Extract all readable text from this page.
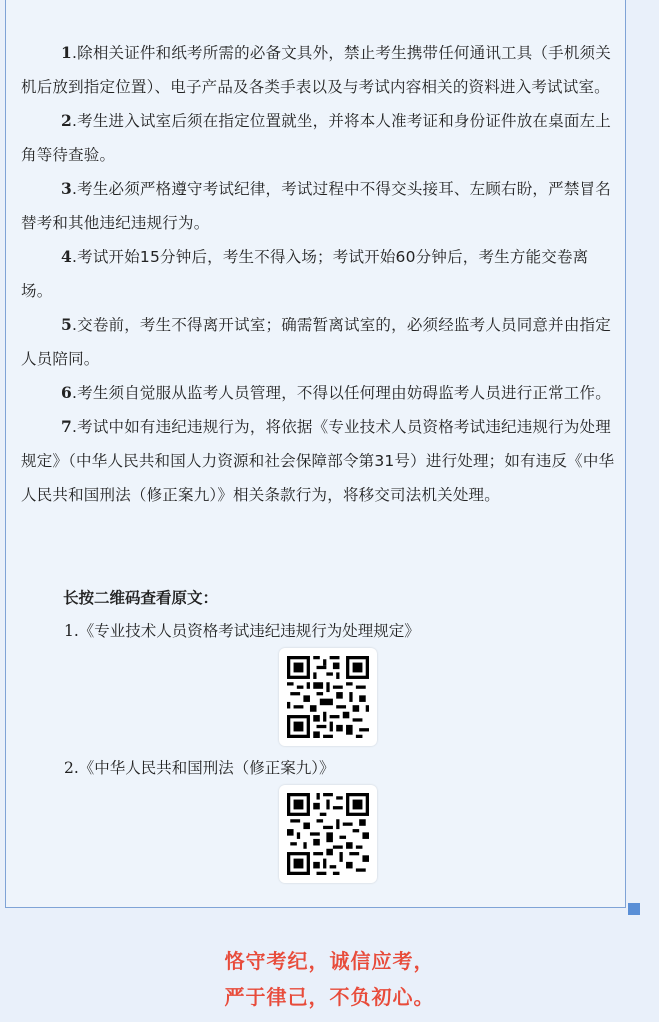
1.除相关证件和纸考所需的必备文具外，禁止考生携带任何通讯工具（手机须关机后放到指定位置）、电子产品及各类手表以及与考试内容相关的资料进入考试试室。
2.考生进入试室后须在指定位置就坐，并将本人准考证和身份证件放在桌面左上角等待查验。
3.考生必须严格遵守考试纪律，考试过程中不得交头接耳、左顾右盼，严禁冒名替考和其他违纪违规行为。
4.考试开始15分钟后，考生不得入场；考试开始60分钟后，考生方能交卷离场。
5.交卷前，考生不得离开试室；确需暂离试室的，必须经监考人员同意并由指定人员陪同。
6.考生须自觉服从监考人员管理，不得以任何理由妨碍监考人员进行正常工作。
7.考试中如有违纪违规行为，将依据《专业技术人员资格考试违纪违规行为处理规定》（中华人民共和国人力资源和社会保障部令第31号）进行处理；如有违反《中华人民共和国刑法（修正案九）》相关条款行为，将移交司法机关处理。
长按二维码查看原文：
1.《专业技术人员资格考试违纪违规行为处理规定》
2.《中华人民共和国刑法（修正案九）》
恪守考纪，诚信应考，
严于律己，不负初心。
